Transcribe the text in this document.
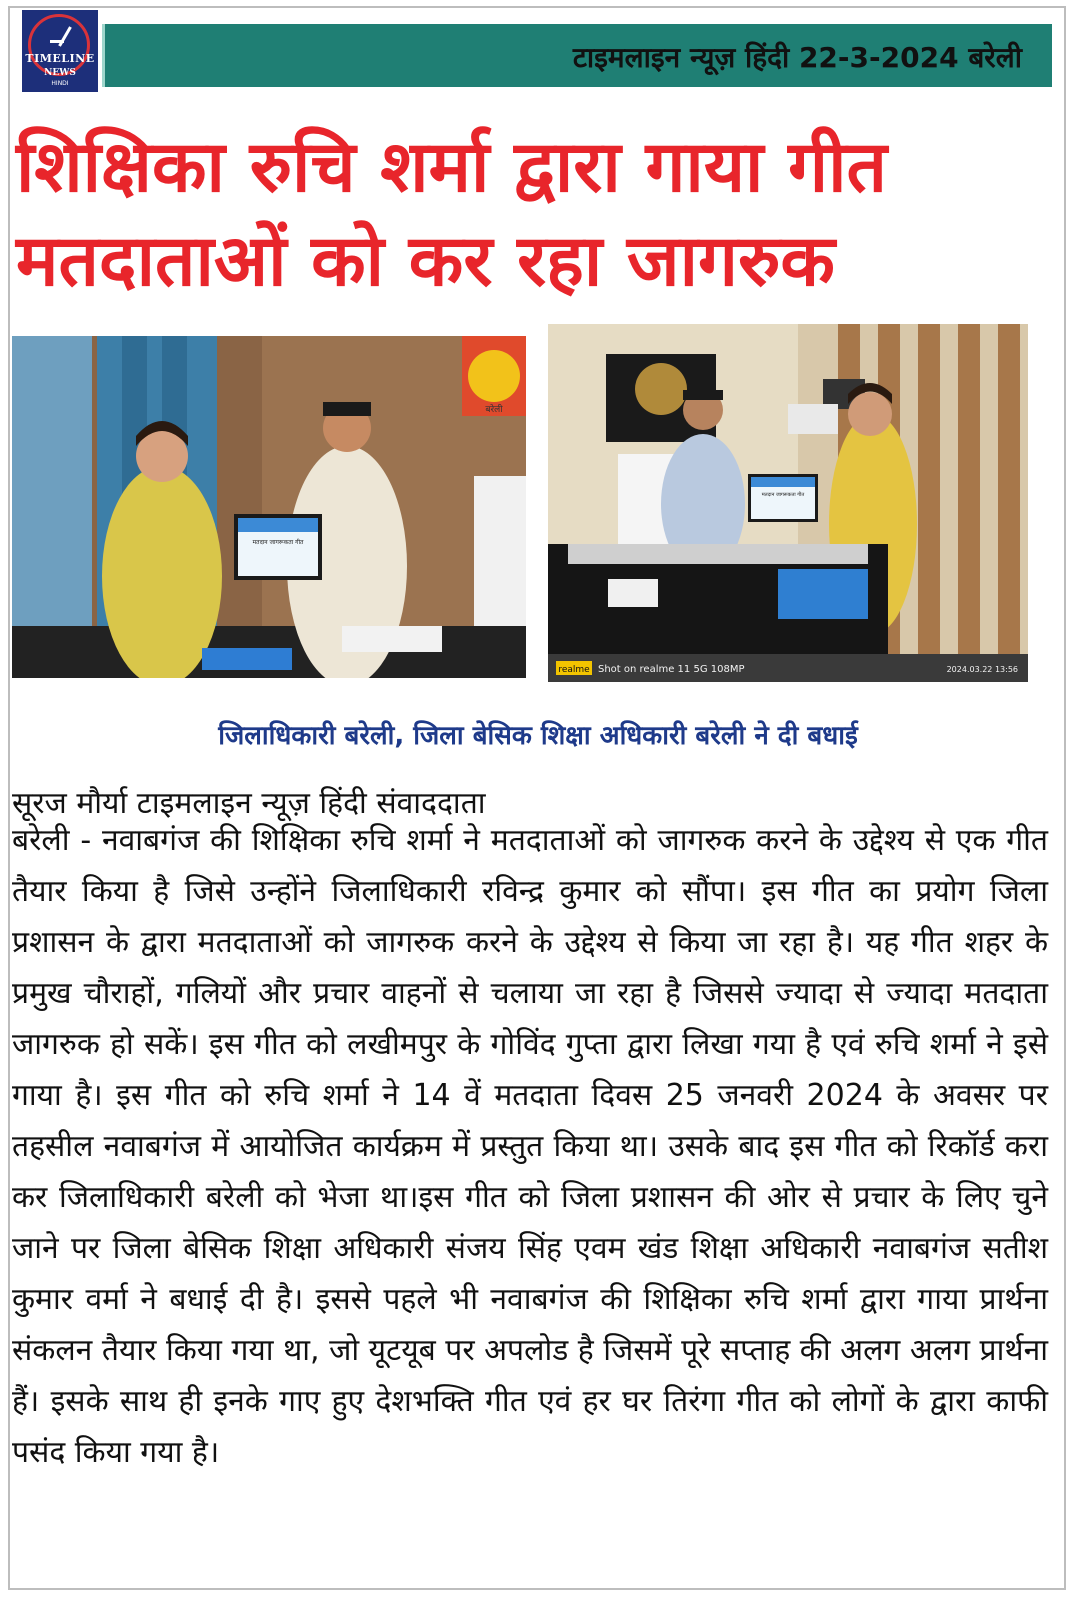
TIMELINE
NEWS
HINDI
टाइमलाइन न्यूज़ हिंदी 22-3-2024 बरेली
शिक्षिका रुचि शर्मा द्वारा गाया गीत मतदाताओं को कर रहा जागरुक
बरेली
मतदान जागरूकता गीत
मतदान जागरूकता गीत
realme Shot on realme 11 5G 108MP	2024.03.22 13:56
जिलाधिकारी बरेली, जिला बेसिक शिक्षा अधिकारी बरेली ने दी बधाई
सूरज मौर्या टाइमलाइन न्यूज़ हिंदी संवाददाता

बरेली - नवाबगंज की शिक्षिका रुचि शर्मा ने मतदाताओं को जागरुक करने के उद्देश्य से एक गीत तैयार किया है जिसे उन्होंने जिलाधिकारी रविन्द्र कुमार को सौंपा। इस गीत का प्रयोग जिला प्रशासन के द्वारा मतदाताओं को जागरुक करने के उद्देश्य से किया जा रहा है। यह गीत शहर के प्रमुख चौराहों, गलियों और प्रचार वाहनों से चलाया जा रहा है जिससे ज्यादा से ज्यादा मतदाता जागरुक हो सकें। इस गीत को लखीमपुर के गोविंद गुप्ता द्वारा लिखा गया है एवं रुचि शर्मा ने इसे गाया है। इस गीत को रुचि शर्मा ने 14 वें मतदाता दिवस 25 जनवरी 2024 के अवसर पर तहसील नवाबगंज में आयोजित कार्यक्रम में प्रस्तुत किया था। उसके बाद इस गीत को रिकॉर्ड करा कर जिलाधिकारी बरेली को भेजा था।इस गीत को जिला प्रशासन की ओर से प्रचार के लिए चुने जाने पर जिला बेसिक शिक्षा अधिकारी संजय सिंह एवम खंड शिक्षा अधिकारी नवाबगंज सतीश कुमार वर्मा ने बधाई दी है। इससे पहले भी नवाबगंज की शिक्षिका रुचि शर्मा द्वारा गाया प्रार्थना संकलन तैयार किया गया था, जो यूटयूब पर अपलोड है जिसमें पूरे सप्ताह की अलग अलग प्रार्थना हैं। इसके साथ ही इनके गाए हुए देशभक्ति गीत एवं हर घर तिरंगा गीत को लोगों के द्वारा काफी पसंद किया गया है।
